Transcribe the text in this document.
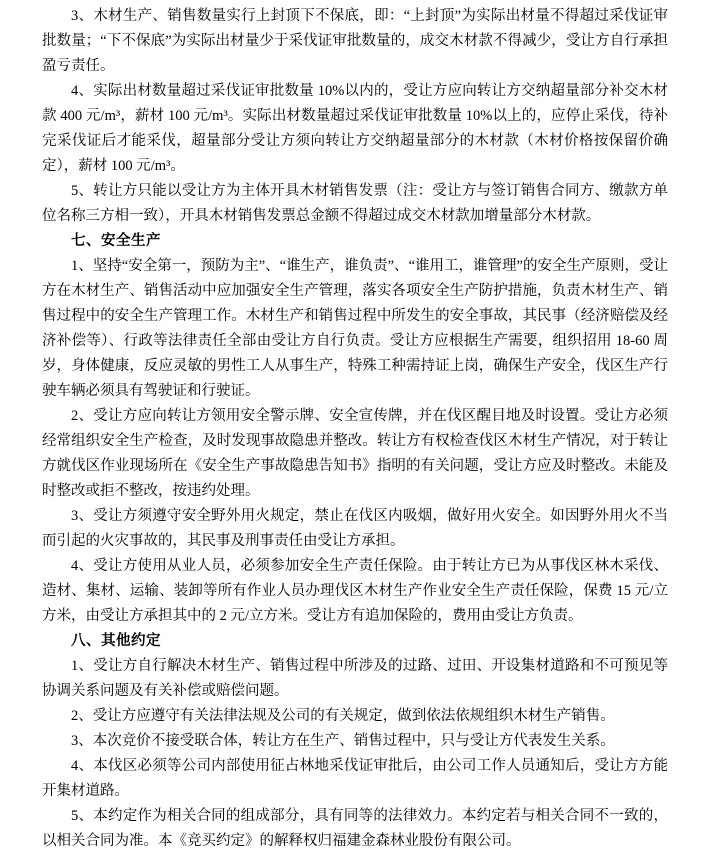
3、木材生产、销售数量实行上封顶下不保底，即：“上封顶”为实际出材量不得超过采伐证审批数量；“下不保底”为实际出材量少于采伐证审批数量的，成交木材款不得减少，受让方自行承担盈亏责任。

4、实际出材数量超过采伐证审批数量 10%以内的，受让方应向转让方交纳超量部分补交木材款 400 元/m³，薪材 100 元/m³。实际出材数量超过采伐证审批数量 10%以上的，应停止采伐，待补完采伐证后才能采伐，超量部分受让方须向转让方交纳超量部分的木材款（木材价格按保留价确定），薪材 100 元/m³。

5、转让方只能以受让方为主体开具木材销售发票（注：受让方与签订销售合同方、缴款方单位名称三方相一致），开具木材销售发票总金额不得超过成交木材款加增量部分木材款。

七、安全生产

1、坚持“安全第一，预防为主”、“谁生产，谁负责”、“谁用工，谁管理”的安全生产原则，受让方在木材生产、销售活动中应加强安全生产管理，落实各项安全生产防护措施，负责木材生产、销售过程中的安全生产管理工作。木材生产和销售过程中所发生的安全事故，其民事（经济赔偿及经济补偿等）、行政等法律责任全部由受让方自行负责。受让方应根据生产需要，组织招用 18-60 周岁，身体健康，反应灵敏的男性工人从事生产，特殊工种需持证上岗，确保生产安全，伐区生产行驶车辆必须具有驾驶证和行驶证。

2、受让方应向转让方领用安全警示牌、安全宣传牌，并在伐区醒目地及时设置。受让方必须经常组织安全生产检查，及时发现事故隐患并整改。转让方有权检查伐区木材生产情况，对于转让方就伐区作业现场所在《安全生产事故隐患告知书》指明的有关问题，受让方应及时整改。未能及时整改或拒不整改，按违约处理。

3、受让方须遵守安全野外用火规定，禁止在伐区内吸烟，做好用火安全。如因野外用火不当而引起的火灾事故的，其民事及刑事责任由受让方承担。

4、受让方使用从业人员，必须参加安全生产责任保险。由于转让方已为从事伐区林木采伐、造材、集材、运输、装卸等所有作业人员办理伐区木材生产作业安全生产责任保险，保费 15 元/立方米，由受让方承担其中的 2 元/立方米。受让方有追加保险的，费用由受让方负责。

八、其他约定

1、受让方自行解决木材生产、销售过程中所涉及的过路、过田、开设集材道路和不可预见等协调关系问题及有关补偿或赔偿问题。

2、受让方应遵守有关法律法规及公司的有关规定，做到依法依规组织木材生产销售。

3、本次竞价不接受联合体，转让方在生产、销售过程中，只与受让方代表发生关系。

4、本伐区必须等公司内部使用征占林地采伐证审批后，由公司工作人员通知后，受让方方能开集材道路。

5、本约定作为相关合同的组成部分，具有同等的法律效力。本约定若与相关合同不一致的，以相关合同为准。本《竞买约定》的解释权归福建金森林业股份有限公司。
